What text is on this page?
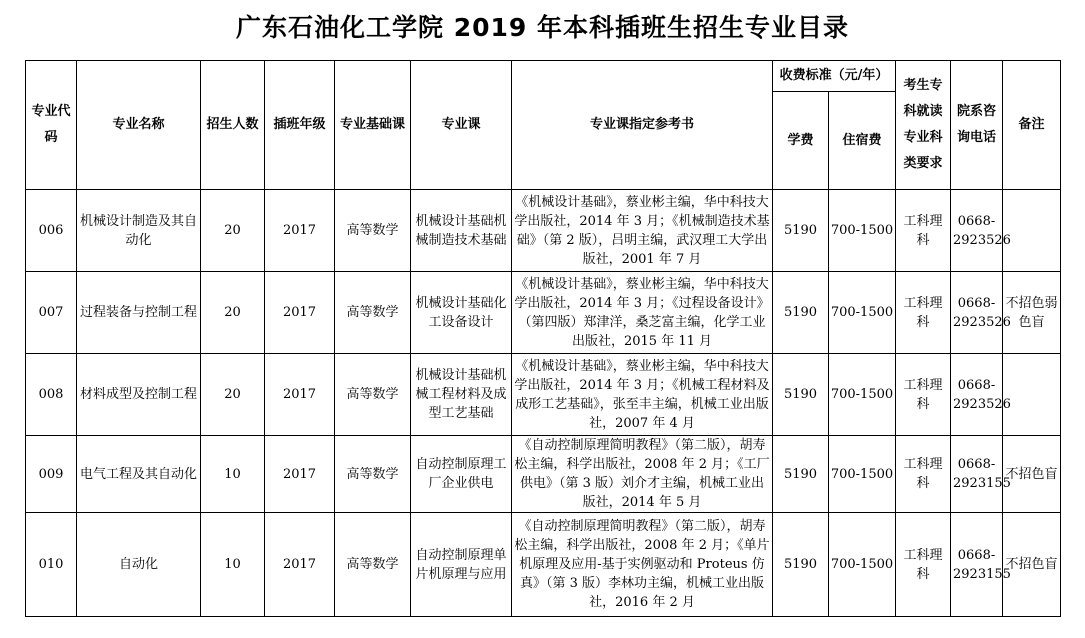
广东石油化工学院 2019 年本科插班生招生专业目录
专业代码	专业名称	招生人数	插班年级	专业基础课	专业课	专业课指定参考书	收费标准（元/年）		考生专科就读专业科类要求	院系咨询电话	备注

							学费	住宿费			

006	机械设计制造及其自动化	20	2017	高等数学	机械设计基础机械制造技术基础	《机械设计基础》，蔡业彬主编，华中科技大学出版社，2014 年 3 月；《机械制造技术基础》（第 2 版），吕明主编，武汉理工大学出版社，2001 年 7 月	5190	700-1500	工科理科	0668-2923526	

007	过程装备与控制工程	20	2017	高等数学	机械设计基础化工设备设计	《机械设计基础》，蔡业彬主编，华中科技大学出版社，2014 年 3 月；《过程设备设计》（第四版）郑津洋，桑芝富主编，化学工业出版社，2015 年 11 月	5190	700-1500	工科理科	0668-2923526	不招色弱色盲

008	材料成型及控制工程	20	2017	高等数学	机械设计基础机械工程材料及成型工艺基础	《机械设计基础》，蔡业彬主编，华中科技大学出版社，2014 年 3 月；《机械工程材料及成形工艺基础》，张至丰主编，机械工业出版社，2007 年 4 月	5190	700-1500	工科理科	0668-2923526	

009	电气工程及其自动化	10	2017	高等数学	自动控制原理工厂企业供电	《自动控制原理简明教程》（第二版），胡寿松主编，科学出版社，2008 年 2 月；《工厂供电》（第 3 版）刘介才主编，机械工业出版社，2014 年 5 月	5190	700-1500	工科理科	0668-2923155	不招色盲

010	自动化	10	2017	高等数学	自动控制原理单片机原理与应用	《自动控制原理简明教程》（第二版），胡寿松主编，科学出版社，2008 年 2 月；《单片机原理及应用-基于实例驱动和 Proteus 仿真》（第 3 版）李林功主编，机械工业出版社，2016 年 2 月	5190	700-1500	工科理科	0668-2923155	不招色盲
